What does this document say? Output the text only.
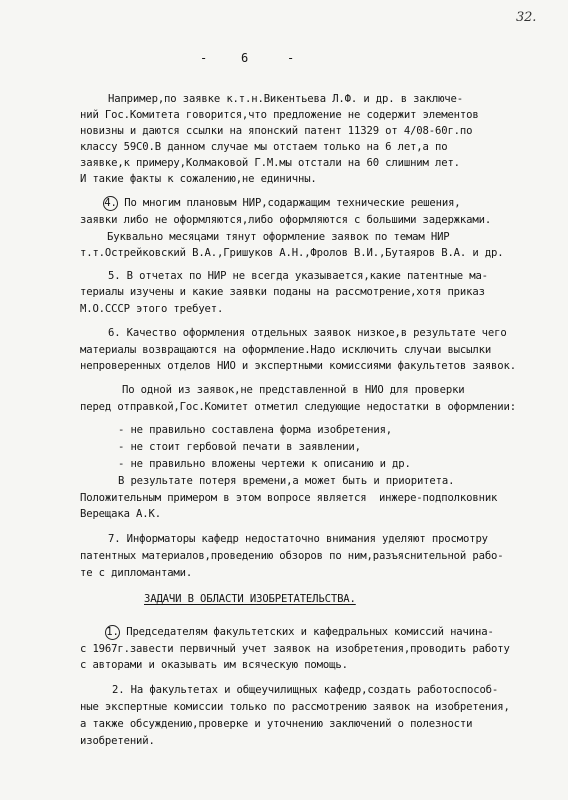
32.
-	6	-
Например,по заявке к.т.н.Викентьева Л.Ф. и др. в заключе-
ний Гос.Комитета говорится,что предложение не содержит элементов
новизны и даются ссылки на японский патент 11329 от 4/08-60г.по
классу 59С0.В данном случае мы отстаем только на 6 лет,а по
заявке,к примеру,Колмаковой Г.М.мы отстали на 60 слишним лет.
И такие факты к сожалению,не единичны.
4. По многим плановым НИР,содаржащим технические решения,
заявки либо не оформляются,либо оформляются с большими задержками.
Буквально месяцами тянут оформление заявок по темам НИР
т.т.Острейковский В.А.,Гришуков А.Н.,Фролов В.И.,Бутаяров В.А. и др.
5. В отчетах по НИР не всегда указывается,какие патентные ма-
териалы изучены и какие заявки поданы на рассмотрение,хотя приказ
М.О.СССР этого требует.
6. Качество оформления отдельных заявок низкое,в результате чего
материалы возвращаются на оформление.Надо исключить случаи высылки
непроверенных отделов НИО и экспертными комиссиями факультетов заявок.
По одной из заявок,не представленной в НИО для проверки
перед отправкой,Гос.Комитет отметил следующие недостатки в оформлении:
- не правильно составлена форма изобретения,
- не стоит гербовой печати в заявлении,
- не правильно вложены чертежи к описанию и др.
В результате потеря времени,а может быть и приоритета.
Положительным примером в этом вопросе является  инжере-подполковник
Верещака А.К.
7. Информаторы кафедр недостаточно внимания уделяют просмотру
патентных материалов,проведению обзоров по ним,разъяснительной рабо-
те с дипломантами.
ЗАДАЧИ В ОБЛАСТИ ИЗОБРЕТАТЕЛЬСТВА.
1. Председателям факультетских и кафедральных комиссий начина-
с 1967г.завести первичный учет заявок на изобретения,проводить работу
с авторами и оказывать им всяческую помощь.
2. На факультетах и общеучилищных кафедр,создать работоспособ-
ные экспертные комиссии только по рассмотрению заявок на изобретения,
а также обсуждению,проверке и уточнению заключений о полезности
изобретений.
